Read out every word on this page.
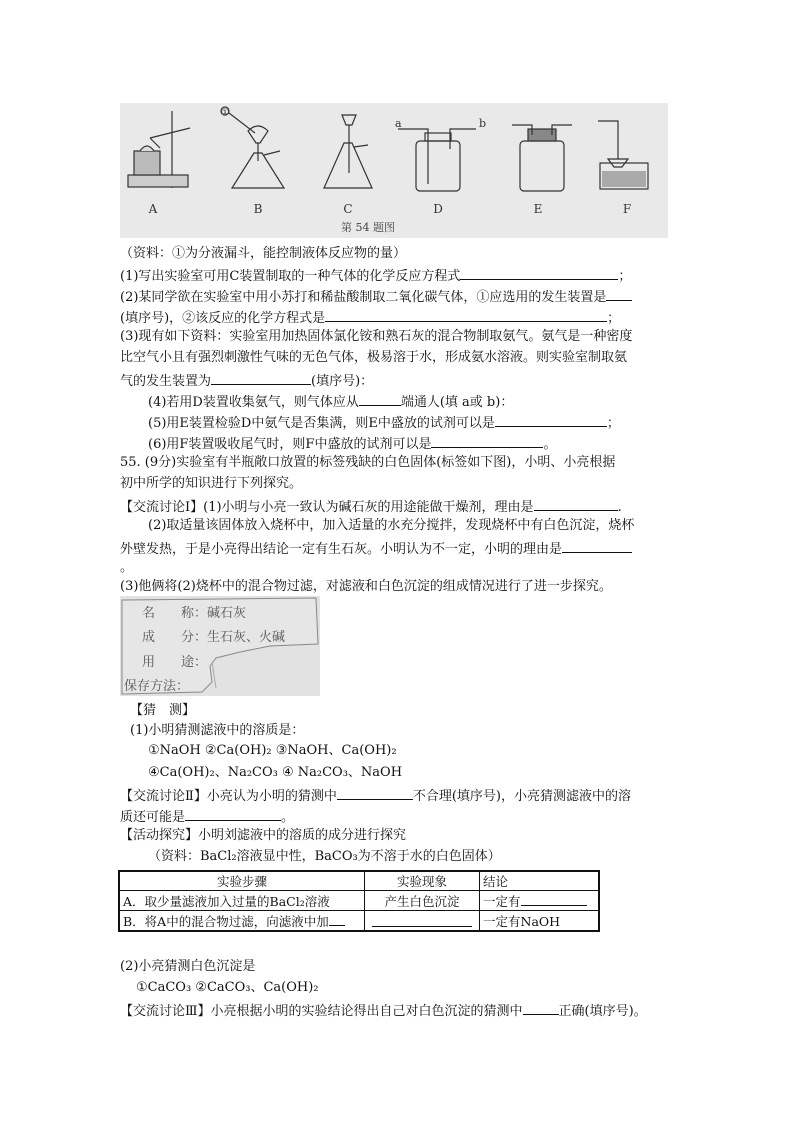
①
a	b
A	B	C	D	E	F
第 54 题图
（资料：①为分液漏斗，能控制液体反应物的量）
(1)写出实验室可用C装置制取的一种气体的化学反应方程式	；
(2)某同学欲在实验室中用小苏打和稀盐酸制取二氧化碳气体，①应选用的发生装置是
(填序号)，②该反应的化学方程式是	；
(3)现有如下资料：实验室用加热固体氯化铵和熟石灰的混合物制取氨气。氨气是一种密度
比空气小且有强烈刺激性气味的无色气体，极易溶于水，形成氨水溶液。则实验室制取氨
气的发生装置为	(填序号)：
(4)若用D装置收集氨气，则气体应从	端通人(填 a或 b)：
(5)用E装置检验D中氨气是否集满，则E中盛放的试剂可以是	；
(6)用F装置吸收尾气时，则F中盛放的试剂可以是	。
55. (9分)实验室有半瓶敞口放置的标签残缺的白色固体(标签如下图)，小明、小亮根据
初中所学的知识进行下列探究。
【交流讨论Ⅰ】(1)小明与小亮一致认为碱石灰的用途能做干燥剂，理由是	.
(2)取适量该固体放入烧杯中，加入适量的水充分搅拌，发现烧杯中有白色沉淀，烧杯
外壁发热，于是小亮得出结论一定有生石灰。小明认为不一定，小明的理由是
。
(3)他俩将(2)烧杯中的混合物过滤，对滤液和白色沉淀的组成情况进行了进一步探究。
名　　称：碱石灰
成　　分：生石灰、火碱
用　　途：
保存方法：
【猜　测】
(1)小明猜测滤液中的溶质是：
①NaOH ②Ca(OH)₂ ③NaOH、Ca(OH)₂
④Ca(OH)₂、Na₂CO₃ ④ Na₂CO₃、NaOH
【交流讨论Ⅱ】小亮认为小明的猜测中	不合理(填序号)，小亮猜测滤液中的溶
质还可能是	。
【活动探究】小明刘滤液中的溶质的成分进行探究
（资料：BaCl₂溶液显中性，BaCO₃为不溶于水的白色固体）
实验步骤	实验现象	结论
A．取少量滤液加入过量的BaCl₂溶液	产生白色沉淀	一定有
B．将A中的混合物过滤，向滤液中加		一定有NaOH
(2)小亮猜测白色沉淀是
①CaCO₃ ②CaCO₃、Ca(OH)₂
【交流讨论Ⅲ】小亮根据小明的实验结论得出自己对白色沉淀的猜测中	正确(填序号)。
